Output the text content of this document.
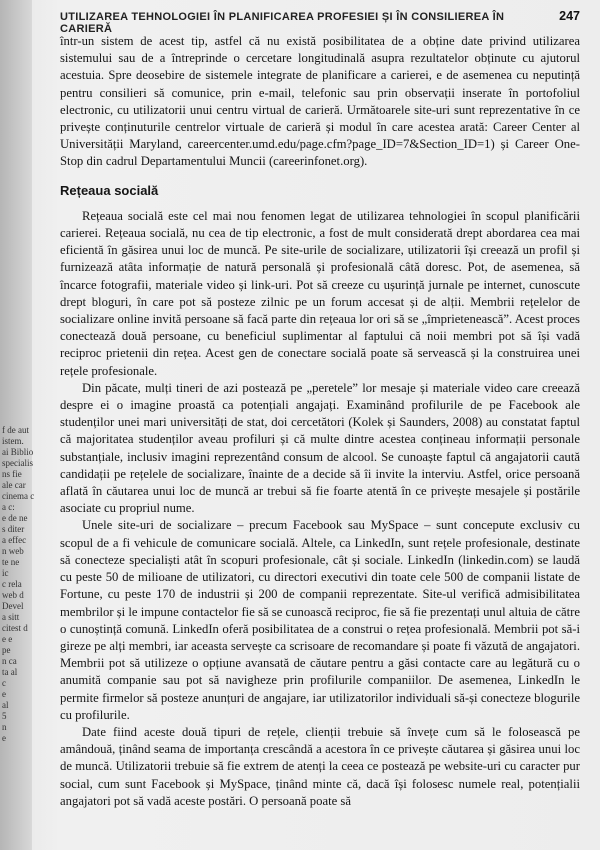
f de aut
istem.
ai Biblio
specialis
ns fie
ale car
cinema c
a c:
e de ne
s diter
a effec
n web
te ne
ic
c rela
web d
Devel
a sitt
citest d
e e
pe
n ca
ta al
c
e
al
5
n
e
UTILIZAREA TEHNOLOGIEI ÎN PLANIFICAREA PROFESIEI ȘI ÎN CONSILIEREA ÎN CARIERĂ
247

într-un sistem de acest tip, astfel că nu există posibilitatea de a obține date privind utilizarea sistemului sau de a întreprinde o cercetare longitudinală asupra rezultatelor obținute cu ajutorul acestuia. Spre deosebire de sistemele integrate de planificare a carierei, e de asemenea cu neputință pentru consilieri să comunice, prin e-mail, telefonic sau prin observații inserate în portofoliul electronic, cu utilizatorii unui centru virtual de carieră. Următoarele site-uri sunt reprezentative în ce privește conținuturile centrelor virtuale de carieră și modul în care acestea arată: Career Center al Universității Maryland, careercenter.umd.edu/page.cfm?page_ID=7&Section_ID=1) și Career One-Stop din cadrul Departamentului Muncii (careerinfonet.org).

Rețeaua socială

Rețeaua socială este cel mai nou fenomen legat de utilizarea tehnologiei în scopul planificării carierei. Rețeaua socială, nu cea de tip electronic, a fost de mult considerată drept abordarea cea mai eficientă în găsirea unui loc de muncă. Pe site-urile de socializare, utilizatorii își creează un profil și furnizează atâta informație de natură personală și profesională câtă doresc. Pot, de asemenea, să încarce fotografii, materiale video și link-uri. Pot să creeze cu ușurință jurnale pe internet, cunoscute drept bloguri, în care pot să posteze zilnic pe un forum accesat și de alții. Membrii rețelelor de socializare online invită persoane să facă parte din rețeaua lor ori să se „împrietenească”. Acest proces conectează două persoane, cu beneficiul suplimentar al faptului că noii membri pot să își vadă reciproc prietenii din rețea. Acest gen de conectare socială poate să servească și la construirea unei rețele profesionale.

Din păcate, mulți tineri de azi postează pe „peretele” lor mesaje și materiale video care creează despre ei o imagine proastă ca potențiali angajați. Examinând profilurile de pe Facebook ale studenților unei mari universități de stat, doi cercetători (Kolek și Saunders, 2008) au constatat faptul că majoritatea studenților aveau profiluri și că multe dintre acestea conțineau informații personale substanțiale, inclusiv imagini reprezentând consum de alcool. Se cunoaște faptul că angajatorii caută candidații pe rețelele de socializare, înainte de a decide să îi invite la interviu. Astfel, orice persoană aflată în căutarea unui loc de muncă ar trebui să fie foarte atentă în ce privește mesajele și postările asociate cu propriul nume.

Unele site-uri de socializare – precum Facebook sau MySpace – sunt concepute exclusiv cu scopul de a fi vehicule de comunicare socială. Altele, ca LinkedIn, sunt rețele profesionale, destinate să conecteze specialiști atât în scopuri profesionale, cât și sociale. LinkedIn (linkedin.com) se laudă cu peste 50 de milioane de utilizatori, cu directori executivi din toate cele 500 de companii listate de Fortune, cu peste 170 de industrii și 200 de companii reprezentate. Site-ul verifică admisibilitatea membrilor și le impune contactelor fie să se cunoască reciproc, fie să fie prezentați unul altuia de către o cunoștință comună. LinkedIn oferă posibilitatea de a construi o rețea profesională. Membrii pot să-i gireze pe alți membri, iar aceasta servește ca scrisoare de recomandare și poate fi văzută de angajatori. Membrii pot să utilizeze o opțiune avansată de căutare pentru a găsi contacte care au legătură cu o anumită companie sau pot să navigheze prin profilurile companiilor. De asemenea, LinkedIn le permite firmelor să posteze anunțuri de angajare, iar utilizatorilor individuali să-și conecteze blogurile cu profilurile.

Date fiind aceste două tipuri de rețele, clienții trebuie să învețe cum să le folosească pe amândouă, ținând seama de importanța crescândă a acestora în ce privește căutarea și găsirea unui loc de muncă. Utilizatorii trebuie să fie extrem de atenți la ceea ce postează pe website-uri cu caracter pur social, cum sunt Facebook și MySpace, ținând minte că, dacă își folosesc numele real, potențialii angajatori pot să vadă aceste postări. O persoană poate să
